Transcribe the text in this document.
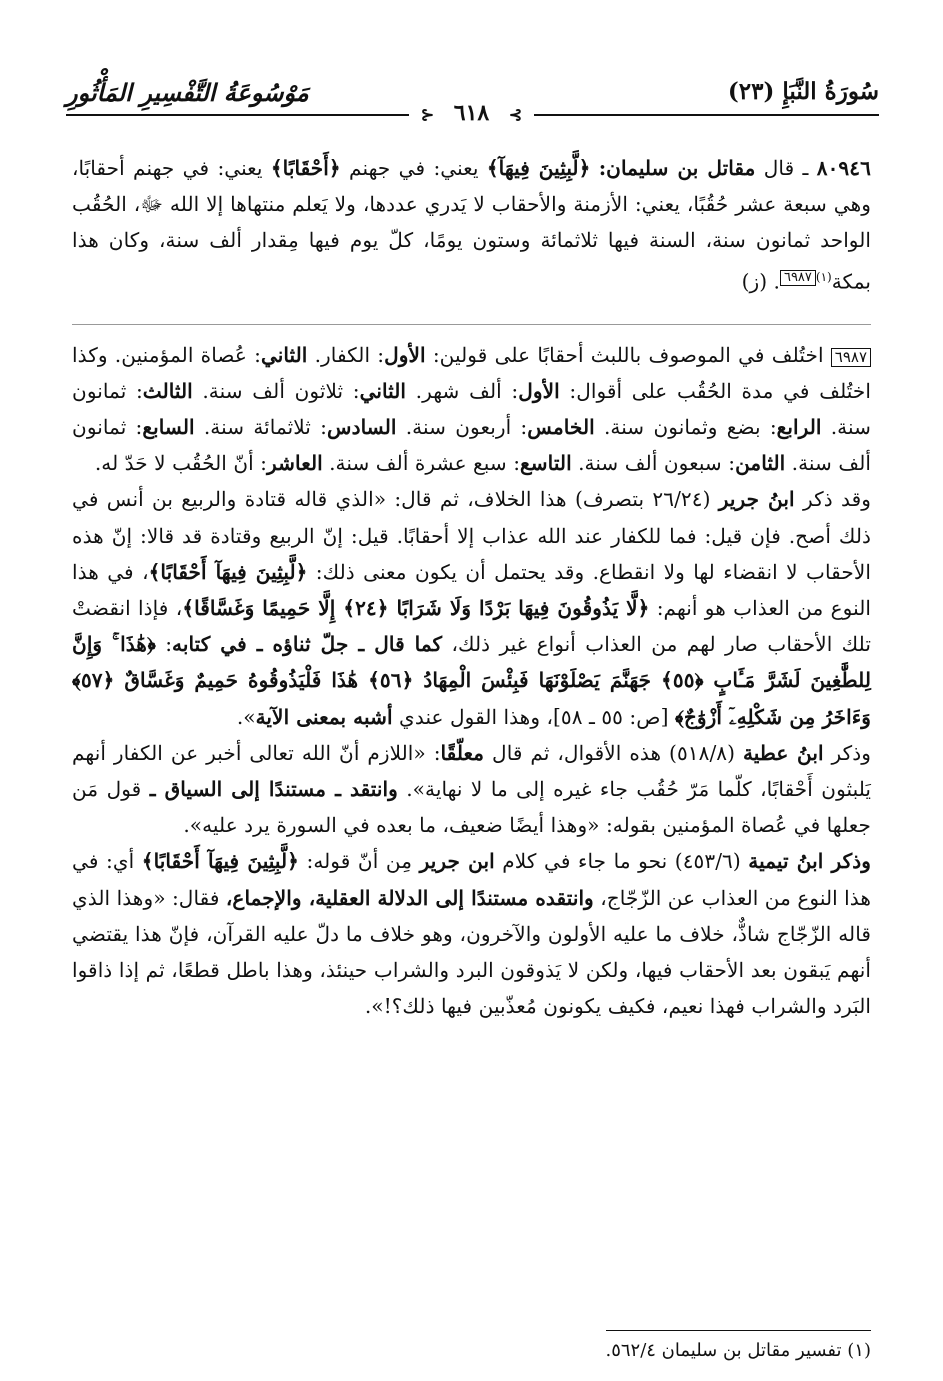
سُورَةُ النَّبَإِ (٢٣)
مَوْسُوعَةُ التَّفْسِيرِ المَأْثُورِ
⊱ ٦١٨ ⊰

٨٠٩٤٦ ـ قال مقاتل بن سليمان: ﴿لَّبِثِينَ فِيهَآ﴾ يعني: في جهنم ﴿أَحْقَابًا﴾ يعني: في جهنم أحقابًا، وهي سبعة عشر حُقُبًا، يعني: الأزمنة والأحقاب لا يَدري عددها، ولا يَعلم منتهاها إلا الله ﷻ، الحُقُب الواحد ثمانون سنة، السنة فيها ثلاثمائة وستون يومًا، كلّ يوم فيها مِقدار ألف سنة، وكان هذا بمكة$^{(١)}$٦٩٨٧. (ز)

٦٩٨٧ اختُلف في الموصوف باللبث أحقابًا على قولين: الأول: الكفار. الثاني: عُصاة المؤمنين. وكذا اختُلف في مدة الحُقُب على أقوال: الأول: ألف شهر. الثاني: ثلاثون ألف سنة. الثالث: ثمانون سنة. الرابع: بضع وثمانون سنة. الخامس: أربعون سنة. السادس: ثلاثمائة سنة. السابع: ثمانون ألف سنة. الثامن: سبعون ألف سنة. التاسع: سبع عشرة ألف سنة. العاشر: أنّ الحُقُب لا حَدّ له.

وقد ذكر ابنُ جرير (٢٦/٢٤ بتصرف) هذا الخلاف، ثم قال: «الذي قاله قتادة والربيع بن أنس في ذلك أصح. فإن قيل: فما للكفار عند الله عذاب إلا أحقابًا. قيل: إنّ الربيع وقتادة قد قالا: إنّ هذه الأحقاب لا انقضاء لها ولا انقطاع. وقد يحتمل أن يكون معنى ذلك: ﴿لَّبِثِينَ فِيهَآ أَحْقَابًا﴾، في هذا النوع من العذاب هو أنهم: ﴿لَّا يَذُوقُونَ فِيهَا بَرْدًا وَلَا شَرَابًا ﴿٢٤﴾ إِلَّا حَمِيمًا وَغَسَّاقًا﴾، فإذا انقضتْ تلك الأحقاب صار لهم من العذاب أنواع غير ذلك، كما قال ـ جلّ ثناؤه ـ في كتابه: ﴿هَٰذَا ۚ وَإِنَّ لِلطَّٰغِينَ لَشَرَّ مَـَٔابٍ ﴿٥٥﴾ جَهَنَّمَ يَصْلَوْنَهَا فَبِئْسَ الْمِهَادُ ﴿٥٦﴾ هَٰذَا فَلْيَذُوقُوهُ حَمِيمٌ وَغَسَّاقٌ ﴿٥٧﴾ وَءَاخَرُ مِن شَكْلِهِۦٓ أَزْوَٰجٌ﴾ [ص: ٥٥ ـ ٥٨]، وهذا القول عندي أشبه بمعنى الآية».

وذكر ابنُ عطية (٥١٨/٨) هذه الأقوال، ثم قال معلّقًا: «اللازم أنّ الله تعالى أخبر عن الكفار أنهم يَلبثون أَحْقابًا، كلّما مَرّ حُقُب جاء غيره إلى ما لا نهاية». وانتقد ـ مستندًا إلى السياق ـ قول مَن جعلها في عُصاة المؤمنين بقوله: «وهذا أيضًا ضعيف، ما بعده في السورة يرد عليه».

وذكر ابنُ تيمية (٤٥٣/٦) نحو ما جاء في كلام ابن جرير مِن أنّ قوله: ﴿لَّبِثِينَ فِيهَآ أَحْقَابًا﴾ أي: في هذا النوع من العذاب عن الزّجّاج، وانتقده مستندًا إلى الدلالة العقلية، والإجماع، فقال: «وهذا الذي قاله الزّجّاج شاذٌّ، خلاف ما عليه الأولون والآخرون، وهو خلاف ما دلّ عليه القرآن، فإنّ هذا يقتضي أنهم يَبقون بعد الأحقاب فيها، ولكن لا يَذوقون البرد والشراب حينئذ، وهذا باطل قطعًا، ثم إذا ذاقوا البَرد والشراب فهذا نعيم، فكيف يكونون مُعذّبين فيها ذلك؟!».

(١) تفسير مقاتل بن سليمان ٥٦٢/٤.
